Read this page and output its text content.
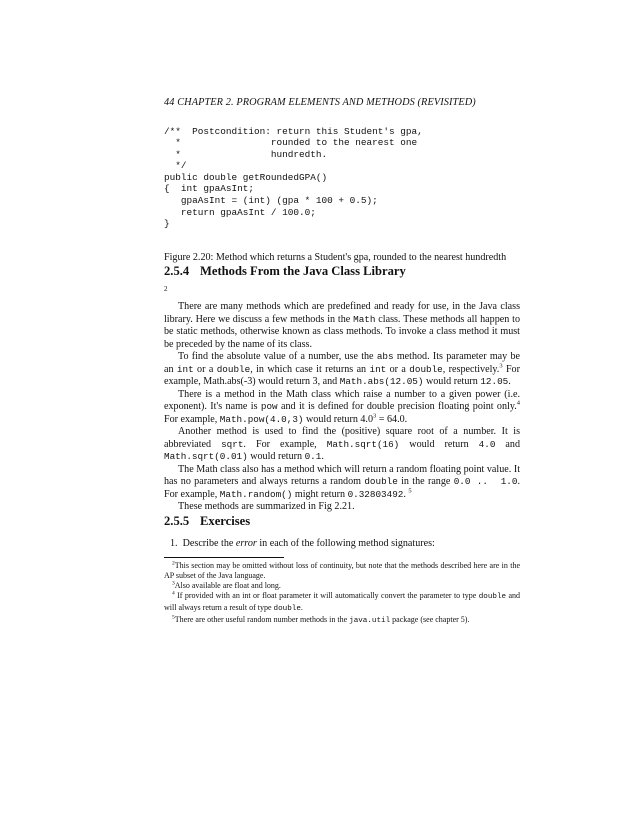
44 CHAPTER 2. PROGRAM ELEMENTS AND METHODS (REVISITED)
/**  Postcondition: return this Student's gpa,
*                rounded to the nearest one
*                hundredth.
*/
public double getRoundedGPA()
{  int gpaAsInt;
gpaAsInt = (int) (gpa * 100 + 0.5);
return gpaAsInt / 100.0;
}
Figure 2.20: Method which returns a Student's gpa, rounded to the nearest hundredth
2.5.4 Methods From the Java Class Library
2

There are many methods which are predefined and ready for use, in the Java class library. Here we discuss a few methods in the Math class. These methods all happen to be static methods, otherwise known as class methods. To invoke a class method it must be preceded by the name of its class.

To find the absolute value of a number, use the abs method. Its parameter may be an int or a double, in which case it returns an int or a double, respectively.$^3$ For example, Math.abs(-3) would return 3, and Math.abs(12.05) would return 12.05.

There is a method in the Math class which raise a number to a given power (i.e. exponent). It's name is pow and it is defined for double precision floating point only.$^4$ For example, Math.pow(4.0,3) would return $4.0^3 = 64.0$.

Another method is used to find the (positive) square root of a number. It is abbreviated sqrt. For example, Math.sqrt(16) would return 4.0 and Math.sqrt(0.01) would return 0.1.

The Math class also has a method which will return a random floating point value. It has no parameters and always returns a random double in the range 0.0 ..  1.0. For example, Math.random() might return 0.32803492. $^5$

These methods are summarized in Fig 2.21.

2.5.5 Exercises
1. Describe the error in each of the following method signatures:

$^2$This section may be omitted without loss of continuity, but note that the methods described here are in the AP subset of the Java language.

$^3$Also available are float and long.

$^4$ If provided with an int or float parameter it will automatically convert the parameter to type double and will always return a result of type double.

$^5$There are other useful random number methods in the java.util package (see chapter 5).
